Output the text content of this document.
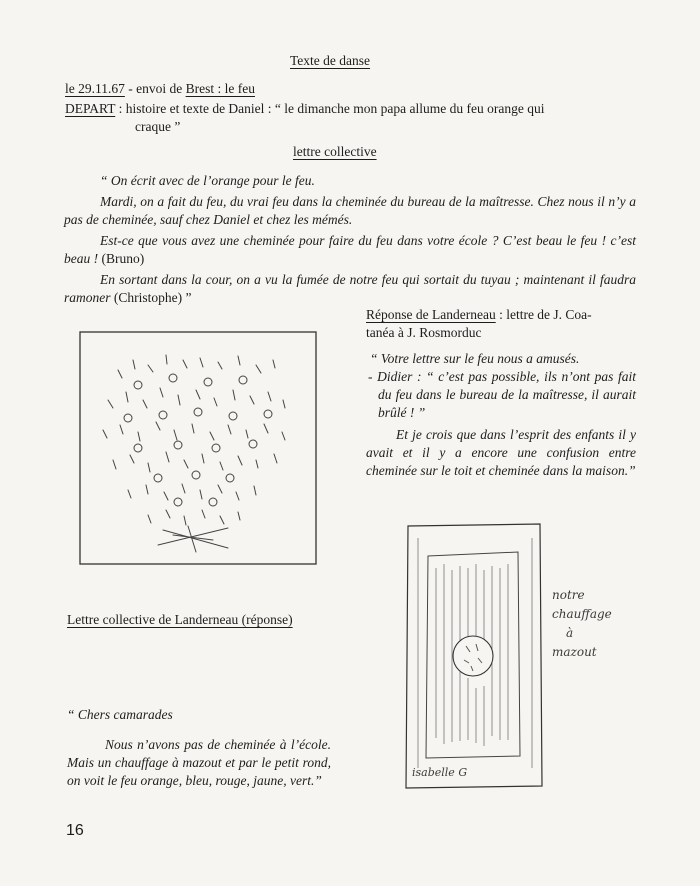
Texte de danse
le 29.11.67 - envoi de Brest : le feu
DEPART : histoire et texte de Daniel : “ le dimanche mon papa allume du feu orange qui
craque ”
lettre collective

“ On écrit avec de l’orange pour le feu.

Mardi, on a fait du feu, du vrai feu dans la cheminée du bureau de la maîtresse. Chez nous il n’y a pas de cheminée, sauf chez Daniel et chez les mémés.

Est-ce que vous avez une cheminée pour faire du feu dans votre école ? C’est beau le feu ! c’est beau ! (Bruno)

En sortant dans la cour, on a vu la fumée de notre feu qui sortait du tuyau ; maintenant il faudra ramoner (Christophe) ”

Réponse de Landerneau : lettre de J. Coa-
tanéa à J. Rosmorduc

“ Votre lettre sur le feu nous a amusés.

- Didier : “ c’est pas possible, ils n’ont pas fait du feu dans le bureau de la maîtresse, il aurait brûlé ! ”

Et je crois que dans l’esprit des enfants il y avait et il y a encore une confusion entre cheminée sur le toit et cheminée dans la maison.”

notre
chauffage
à
mazout
isabelle G
Lettre collective de Landerneau (réponse)
“ Chers camarades
Nous n’avons pas de cheminée à l’école. Mais un chauffage à mazout et par le petit rond, on voit le feu orange, bleu, rouge, jaune, vert.”
16
